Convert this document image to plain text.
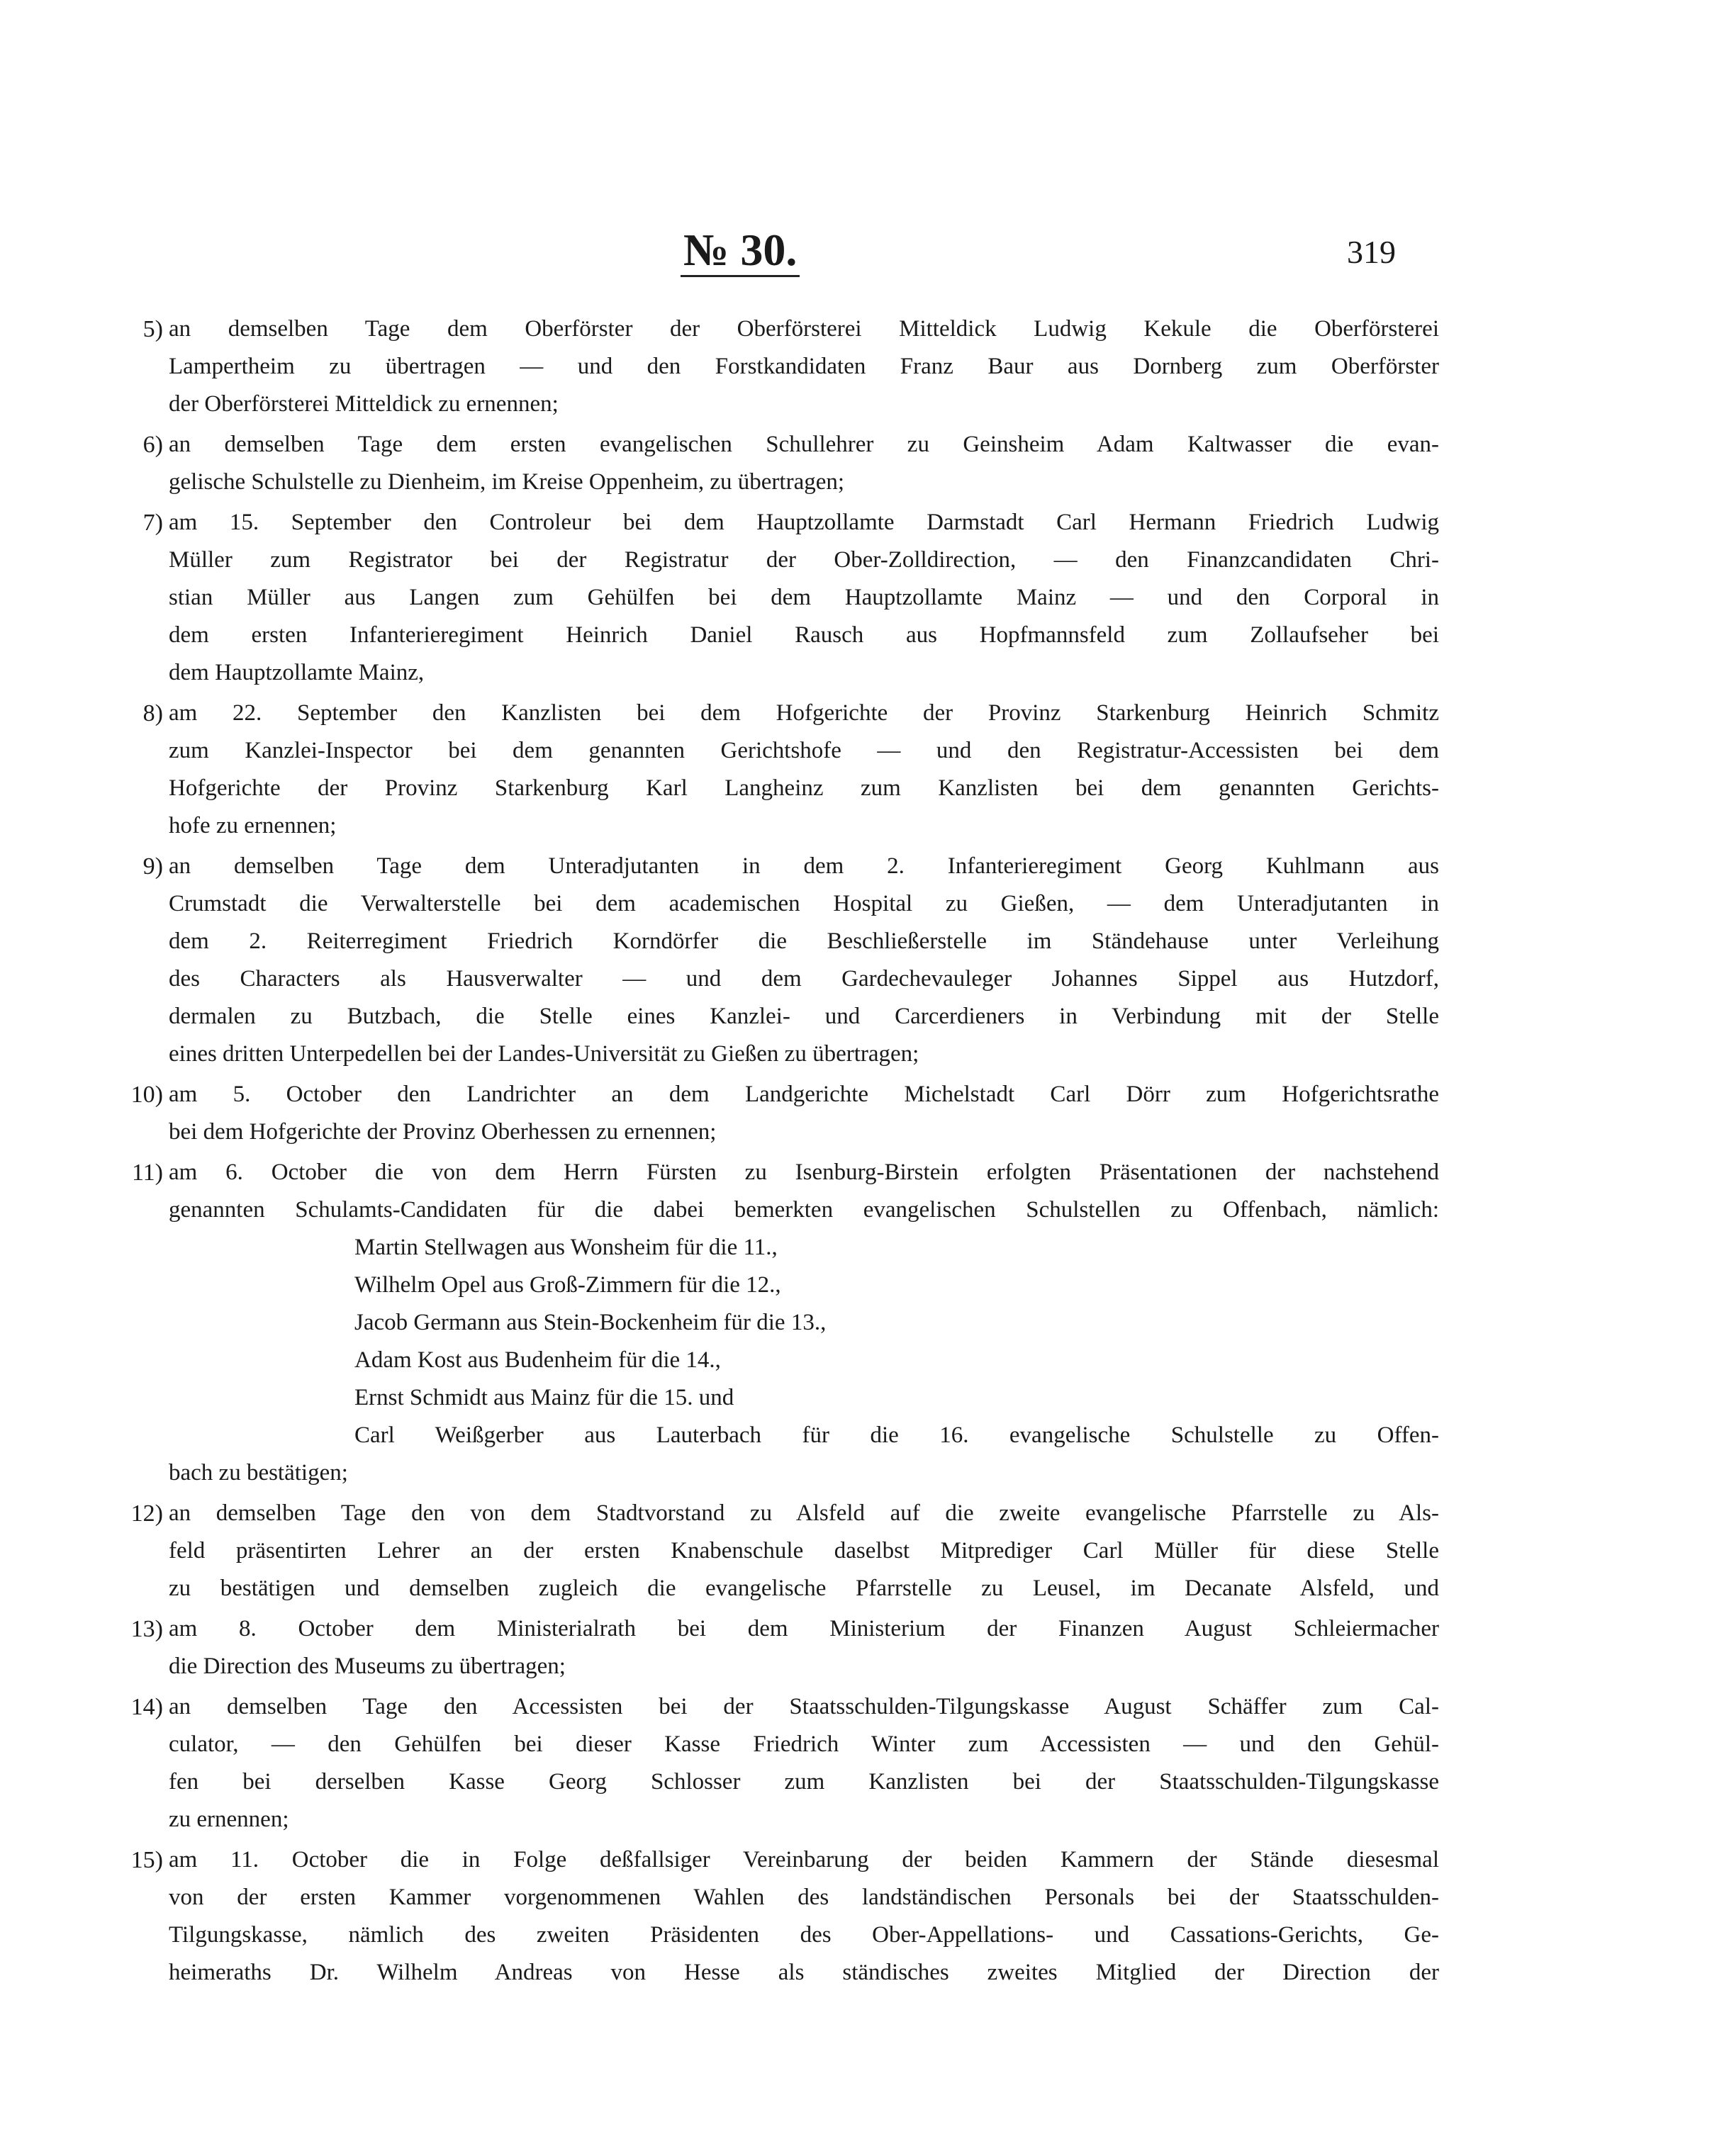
№ 30.	319
5) an demselben Tage dem Oberförster der Oberförsterei Mitteldick Ludwig Kekule die Oberförsterei
Lampertheim zu übertragen — und den Forstkandidaten Franz Baur aus Dornberg zum Oberförster
der Oberförsterei Mitteldick zu ernennen;
6) an demselben Tage dem ersten evangelischen Schullehrer zu Geinsheim Adam Kaltwasser die evan-
gelische Schulstelle zu Dienheim, im Kreise Oppenheim, zu übertragen;
7) am 15. September den Controleur bei dem Hauptzollamte Darmstadt Carl Hermann Friedrich Ludwig
Müller zum Registrator bei der Registratur der Ober-Zolldirection, — den Finanzcandidaten Chri-
stian Müller aus Langen zum Gehülfen bei dem Hauptzollamte Mainz — und den Corporal in
dem ersten Infanterieregiment Heinrich Daniel Rausch aus Hopfmannsfeld zum Zollaufseher bei
dem Hauptzollamte Mainz,
8) am 22. September den Kanzlisten bei dem Hofgerichte der Provinz Starkenburg Heinrich Schmitz
zum Kanzlei-Inspector bei dem genannten Gerichtshofe — und den Registratur-Accessisten bei dem
Hofgerichte der Provinz Starkenburg Karl Langheinz zum Kanzlisten bei dem genannten Gerichts-
hofe zu ernennen;
9) an demselben Tage dem Unteradjutanten in dem 2. Infanterieregiment Georg Kuhlmann aus
Crumstadt die Verwalterstelle bei dem academischen Hospital zu Gießen, — dem Unteradjutanten in
dem 2. Reiterregiment Friedrich Korndörfer die Beschließerstelle im Ständehause unter Verleihung
des Characters als Hausverwalter — und dem Gardechevauleger Johannes Sippel aus Hutzdorf,
dermalen zu Butzbach, die Stelle eines Kanzlei- und Carcerdieners in Verbindung mit der Stelle
eines dritten Unterpedellen bei der Landes-Universität zu Gießen zu übertragen;
10) am 5. October den Landrichter an dem Landgerichte Michelstadt Carl Dörr zum Hofgerichtsrathe
bei dem Hofgerichte der Provinz Oberhessen zu ernennen;
11) am 6. October die von dem Herrn Fürsten zu Isenburg-Birstein erfolgten Präsentationen der nachstehend
genannten Schulamts-Candidaten für die dabei bemerkten evangelischen Schulstellen zu Offenbach, nämlich:
Martin Stellwagen aus Wonsheim für die 11.,
Wilhelm Opel aus Groß-Zimmern für die 12.,
Jacob Germann aus Stein-Bockenheim für die 13.,
Adam Kost aus Budenheim für die 14.,
Ernst Schmidt aus Mainz für die 15. und
Carl Weißgerber aus Lauterbach für die 16. evangelische Schulstelle zu Offen-
bach zu bestätigen;
12) an demselben Tage den von dem Stadtvorstand zu Alsfeld auf die zweite evangelische Pfarrstelle zu Als-
feld präsentirten Lehrer an der ersten Knabenschule daselbst Mitprediger Carl Müller für diese Stelle
zu bestätigen und demselben zugleich die evangelische Pfarrstelle zu Leusel, im Decanate Alsfeld, und
13) am 8. October dem Ministerialrath bei dem Ministerium der Finanzen August Schleiermacher
die Direction des Museums zu übertragen;
14) an demselben Tage den Accessisten bei der Staatsschulden-Tilgungskasse August Schäffer zum Cal-
culator, — den Gehülfen bei dieser Kasse Friedrich Winter zum Accessisten — und den Gehül-
fen bei derselben Kasse Georg Schlosser zum Kanzlisten bei der Staatsschulden-Tilgungskasse
zu ernennen;
15) am 11. October die in Folge deßfallsiger Vereinbarung der beiden Kammern der Stände diesesmal
von der ersten Kammer vorgenommenen Wahlen des landständischen Personals bei der Staatsschulden-
Tilgungskasse, nämlich des zweiten Präsidenten des Ober-Appellations- und Cassations-Gerichts, Ge-
heimeraths Dr. Wilhelm Andreas von Hesse als ständisches zweites Mitglied der Direction der
